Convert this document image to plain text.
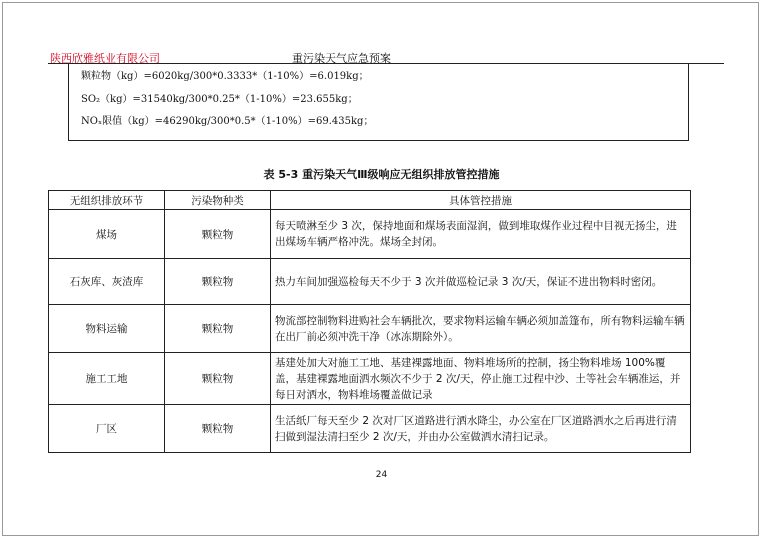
陕西欣雅纸业有限公司	重污染天气应急预案
颗粒物（kg）=6020kg/300*0.3333*（1-10%）=6.019kg；
SO₂（kg）=31540kg/300*0.25*（1-10%）=23.655kg；
NOₓ限值（kg）=46290kg/300*0.5*（1-10%）=69.435kg；
表 5-3 重污染天气Ⅲ级响应无组织排放管控措施
无组织排放环节	污染物种类	具体管控措施
煤场	颗粒物	每天喷淋至少 3 次，保持地面和煤场表面湿润，做到堆取煤作业过程中目视无扬尘，进出煤场车辆严格冲洗。煤场全封闭。
石灰库、灰渣库	颗粒物	热力车间加强巡检每天不少于 3 次并做巡检记录 3 次/天，保证不进出物料时密闭。
物料运输	颗粒物	物流部控制物料进购社会车辆批次，要求物料运输车辆必须加盖篷布，所有物料运输车辆在出厂前必须冲洗干净（冰冻期除外）。
施工工地	颗粒物	基建处加大对施工工地、基建裸露地面、物料堆场所的控制，扬尘物料堆场 100%覆盖，基建裸露地面洒水频次不少于 2 次/天，停止施工过程中沙、土等社会车辆准运，并每日对洒水，物料堆场覆盖做记录
厂区	颗粒物	生活纸厂每天至少 2 次对厂区道路进行洒水降尘，办公室在厂区道路洒水之后再进行清扫做到湿法清扫至少 2 次/天，并由办公室做洒水清扫记录。
24
